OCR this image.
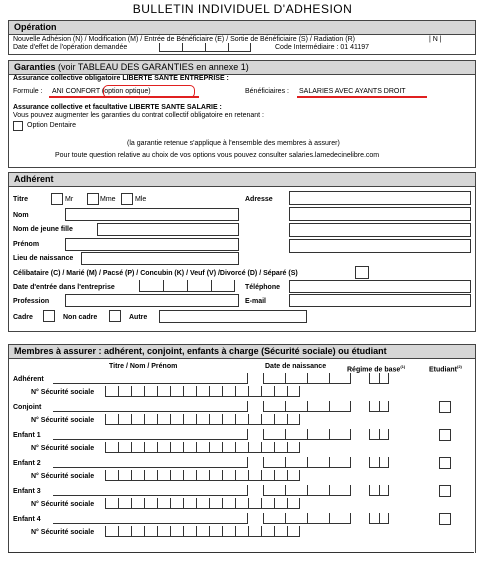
BULLETIN INDIVIDUEL D'ADHESION
Opération
Nouvelle Adhésion (N) / Modification (M) / Entrée de Bénéficiaire (E) / Sortie de Bénéficiaire (S) / Radiation (R)	| N |
Date d'effet de l'opération demandée	Code Intermédiaire : 01 41197
Garanties (voir TABLEAU DES GARANTIES en annexe 1)
Assurance collective obligatoire LIBERTE SANTE ENTREPRISE :
Formule : ANI CONFORT (option optique)	Bénéficiaires : SALARIES AVEC AYANTS DROIT
Assurance collective et facultative LIBERTE SANTE SALARIE :
Vous pouvez augmenter les garanties du contrat collectif obligatoire en retenant :
Option Dentaire
(la garantie retenue s'applique à l'ensemble des membres à assurer)
Pour toute question relative au choix de vos options vous pouvez consulter salaries.lamedecinelibre.com
Adhérent
Titre	Mr	Mme	Mle	Adresse
Nom
Nom de jeune fille
Prénom
Lieu de naissance
Célibataire (C) / Marié (M) / Pacsé (P) / Concubin (K) / Veuf (V) /Divorcé (D) / Séparé (S)
Date d'entrée dans l'entreprise	Téléphone
Profession	E-mail
Cadre	Non cadre	Autre
Membres à assurer : adhérent, conjoint, enfants à charge (Sécurité sociale) ou étudiant
Titre / Nom / Prénom	Date de naissance	Régime de base$^{(1)}$	Etudiant$^{(2)}$
Adhérent
N° Sécurité sociale
Conjoint
N° Sécurité sociale
Enfant 1
N° Sécurité sociale
Enfant 2
N° Sécurité sociale
Enfant 3
N° Sécurité sociale
Enfant 4
N° Sécurité sociale
